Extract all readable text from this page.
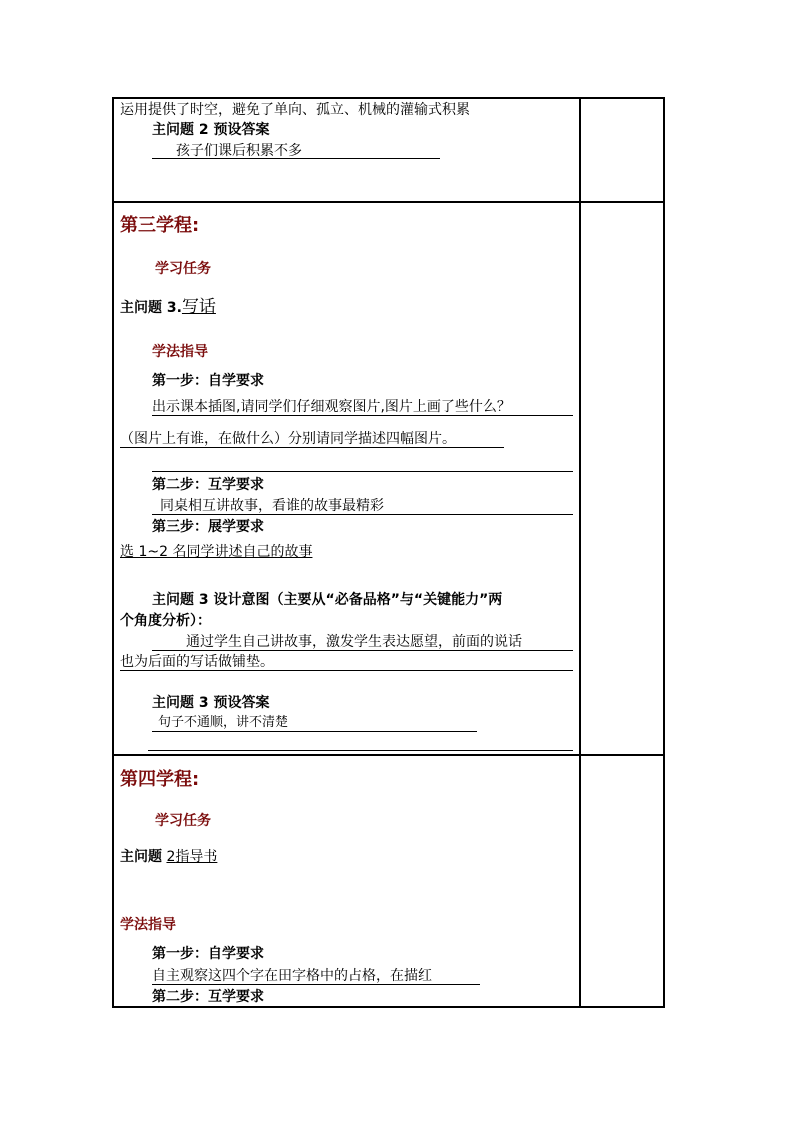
运用提供了时空，避免了单向、孤立、机械的灌输式积累
主问题 2 预设答案
孩子们课后积累不多
第三学程:
学习任务
主问题 3.写话
学法指导
第一步：自学要求
出示课本插图,请同学们仔细观察图片,图片上画了些什么？
（图片上有谁，在做什么）分别请同学描述四幅图片。
第二步：互学要求
同桌相互讲故事，看谁的故事最精彩
第三步：展学要求
选 1~2 名同学讲述自己的故事
主问题 3 设计意图（主要从“必备品格”与“关键能力”两
个角度分析）：
通过学生自己讲故事，激发学生表达愿望，前面的说话
也为后面的写话做铺垫。
主问题 3 预设答案
句子不通顺，讲不清楚
第四学程:
学习任务
主问题 2指导书
学法指导
第一步：自学要求
自主观察这四个字在田字格中的占格，在描红
第二步：互学要求
